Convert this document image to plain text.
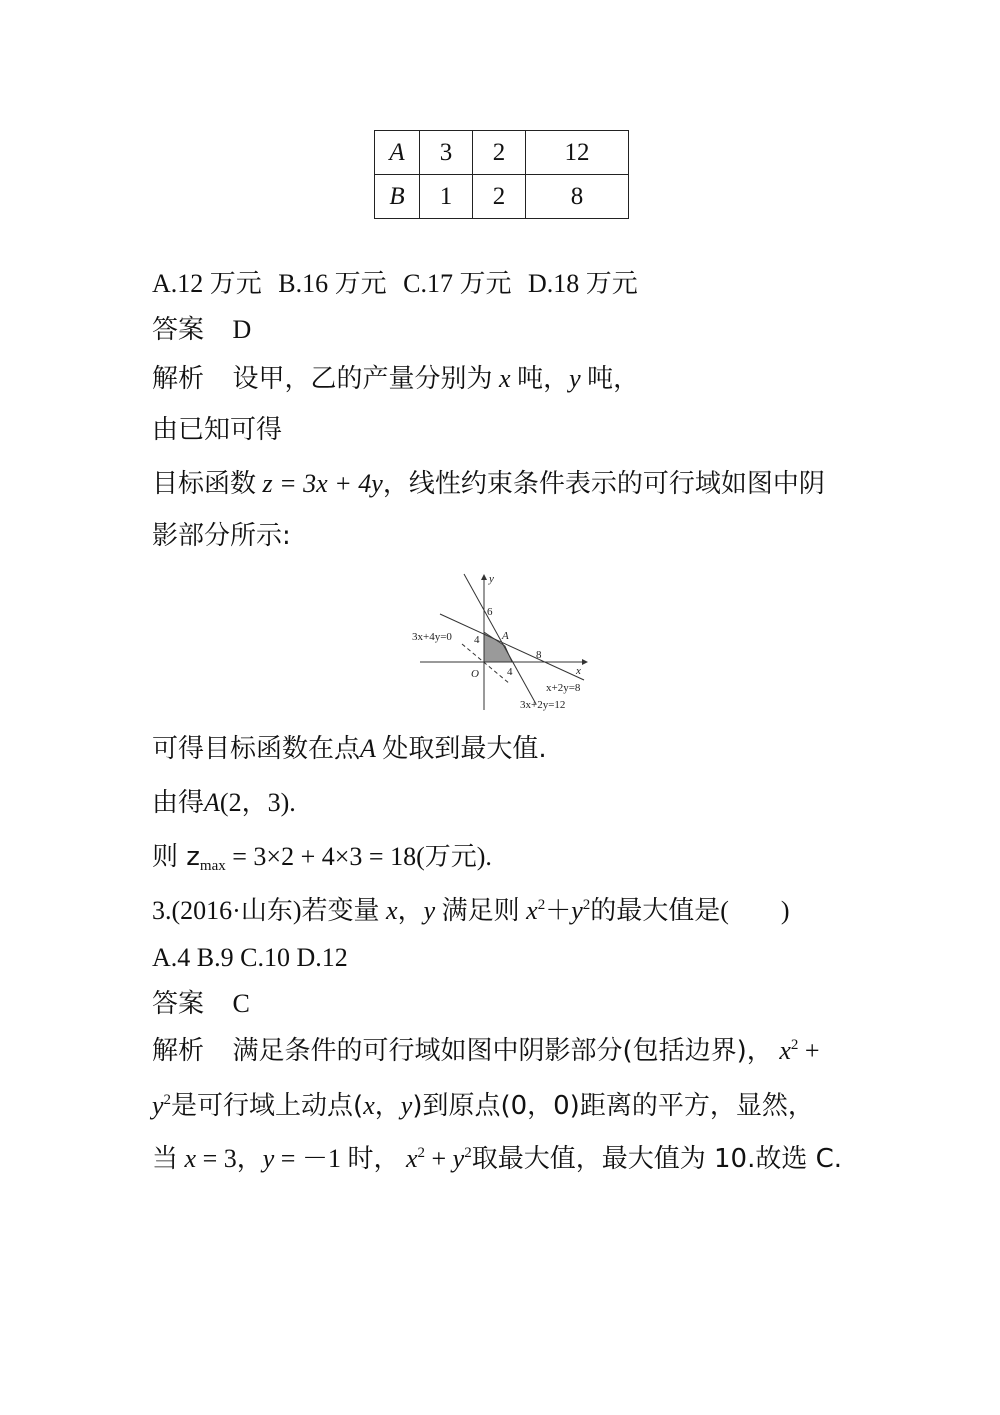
A	3	2	12
B	1	2	8
A.12 万元 B.16 万元 C.17 万元 D.18 万元
答案 D
解析 设甲，乙的产量分别为 x 吨，y 吨，
由已知可得
目标函数 z = 3x + 4y，线性约束条件表示的可行域如图中阴
影部分所示:
y
x
O
A
6
4
8
4
3x+4y=0
x+2y=8
3x+2y=12
可得目标函数在点A 处取到最大值.
由得A(2，3).
则 $z_{max} = 3\times 2 + 4\times 3 = 18$(万元).
3.(2016·山东)若变量 x，y 满足则 $x^2+y^2$的最大值是(　　)
A.4 B.9 C.10 D.12
答案 C
解析 满足条件的可行域如图中阴影部分(包括边界)， $x^2$ +
$y^2$是可行域上动点(x，y)到原点(0，0)距离的平方，显然，
当 x = 3，y = －1 时， $x^2 + y^2$取最大值，最大值为 10.故选 C.
